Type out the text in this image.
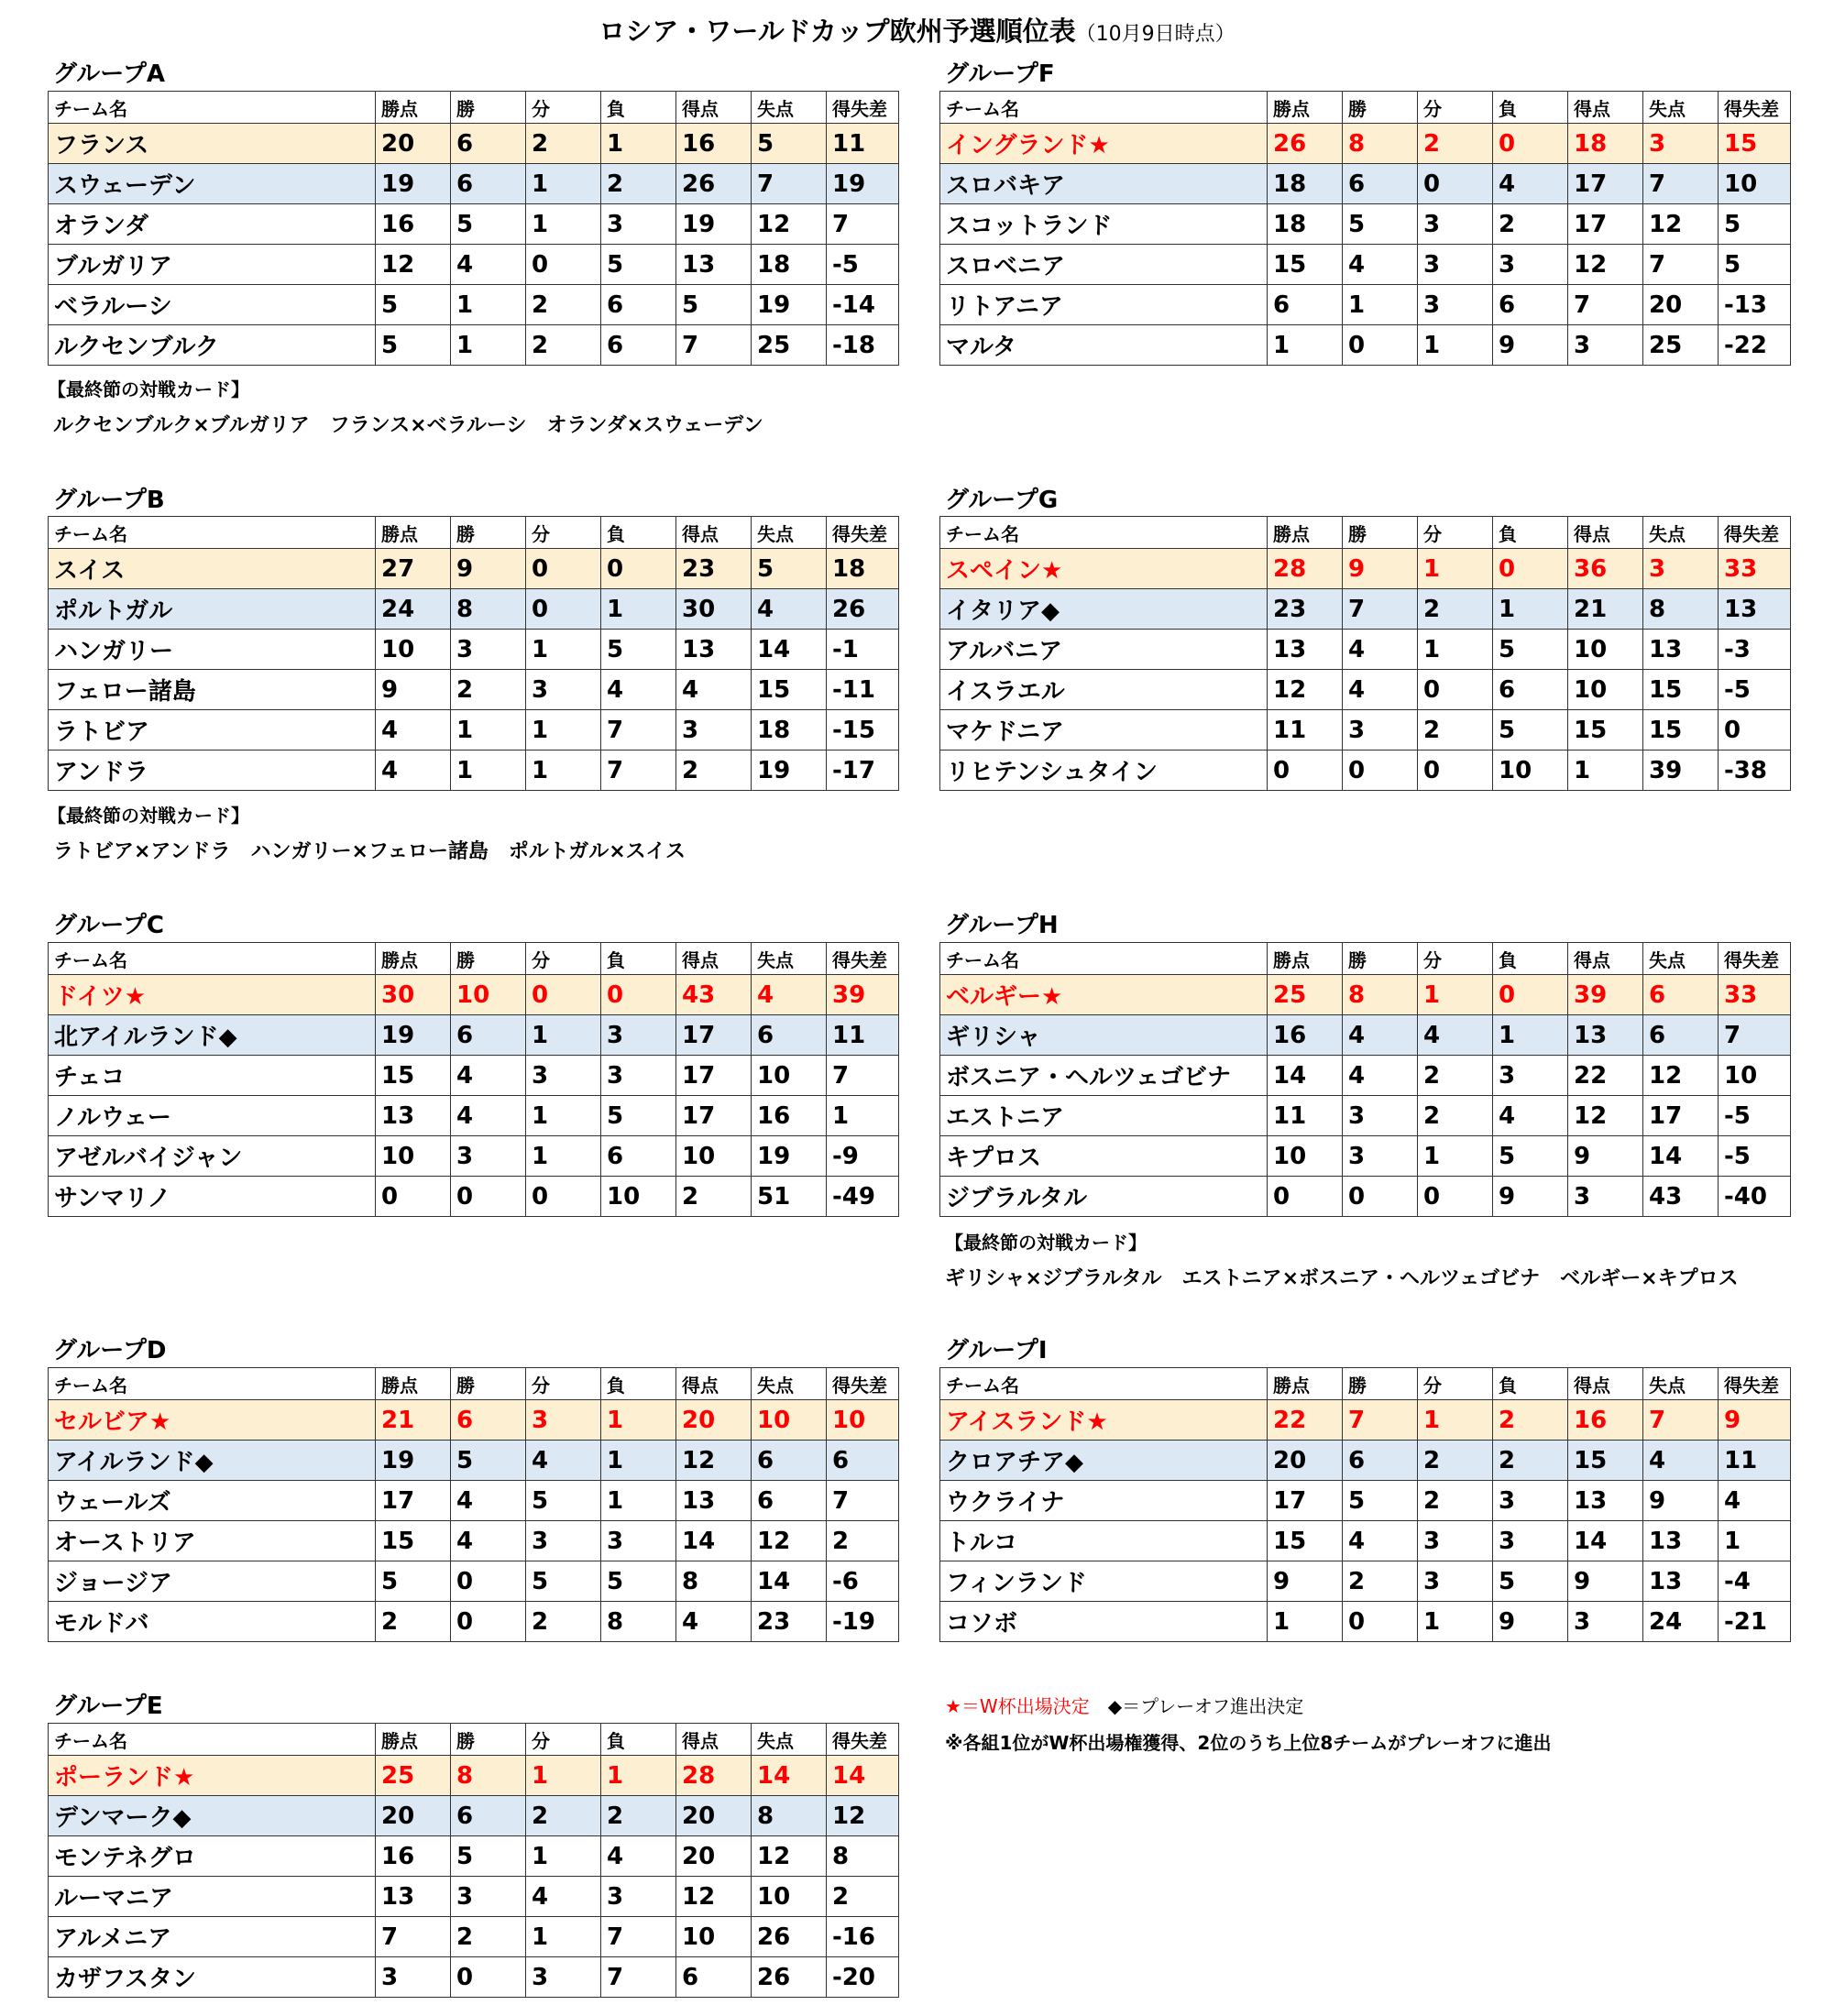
ロシア・ワールドカップ欧州予選順位表（10月9日時点）
グループA
チーム名	勝点	勝	分	負	得点	失点	得失差
フランス	20	6	2	1	16	5	11
スウェーデン	19	6	1	2	26	7	19
オランダ	16	5	1	3	19	12	7
ブルガリア	12	4	0	5	13	18	-5
ベラルーシ	5	1	2	6	5	19	-14
ルクセンブルク	5	1	2	6	7	25	-18
【最終節の対戦カード】
ルクセンブルク×ブルガリア　フランス×ベラルーシ　オランダ×スウェーデン
グループB
チーム名	勝点	勝	分	負	得点	失点	得失差
スイス	27	9	0	0	23	5	18
ポルトガル	24	8	0	1	30	4	26
ハンガリー	10	3	1	5	13	14	-1
フェロー諸島	9	2	3	4	4	15	-11
ラトビア	4	1	1	7	3	18	-15
アンドラ	4	1	1	7	2	19	-17
【最終節の対戦カード】
ラトビア×アンドラ　ハンガリー×フェロー諸島　ポルトガル×スイス
グループC
チーム名	勝点	勝	分	負	得点	失点	得失差
ドイツ★	30	10	0	0	43	4	39
北アイルランド◆	19	6	1	3	17	6	11
チェコ	15	4	3	3	17	10	7
ノルウェー	13	4	1	5	17	16	1
アゼルバイジャン	10	3	1	6	10	19	-9
サンマリノ	0	0	0	10	2	51	-49
グループD
チーム名	勝点	勝	分	負	得点	失点	得失差
セルビア★	21	6	3	1	20	10	10
アイルランド◆	19	5	4	1	12	6	6
ウェールズ	17	4	5	1	13	6	7
オーストリア	15	4	3	3	14	12	2
ジョージア	5	0	5	5	8	14	-6
モルドバ	2	0	2	8	4	23	-19
グループE
チーム名	勝点	勝	分	負	得点	失点	得失差
ポーランド★	25	8	1	1	28	14	14
デンマーク◆	20	6	2	2	20	8	12
モンテネグロ	16	5	1	4	20	12	8
ルーマニア	13	3	4	3	12	10	2
アルメニア	7	2	1	7	10	26	-16
カザフスタン	3	0	3	7	6	26	-20
グループF
チーム名	勝点	勝	分	負	得点	失点	得失差
イングランド★	26	8	2	0	18	3	15
スロバキア	18	6	0	4	17	7	10
スコットランド	18	5	3	2	17	12	5
スロベニア	15	4	3	3	12	7	5
リトアニア	6	1	3	6	7	20	-13
マルタ	1	0	1	9	3	25	-22
グループG
チーム名	勝点	勝	分	負	得点	失点	得失差
スペイン★	28	9	1	0	36	3	33
イタリア◆	23	7	2	1	21	8	13
アルバニア	13	4	1	5	10	13	-3
イスラエル	12	4	0	6	10	15	-5
マケドニア	11	3	2	5	15	15	0
リヒテンシュタイン	0	0	0	10	1	39	-38
グループH
チーム名	勝点	勝	分	負	得点	失点	得失差
ベルギー★	25	8	1	0	39	6	33
ギリシャ	16	4	4	1	13	6	7
ボスニア・ヘルツェゴビナ	14	4	2	3	22	12	10
エストニア	11	3	2	4	12	17	-5
キプロス	10	3	1	5	9	14	-5
ジブラルタル	0	0	0	9	3	43	-40
【最終節の対戦カード】
ギリシャ×ジブラルタル　エストニア×ボスニア・ヘルツェゴビナ　ベルギー×キプロス
グループI
チーム名	勝点	勝	分	負	得点	失点	得失差
アイスランド★	22	7	1	2	16	7	9
クロアチア◆	20	6	2	2	15	4	11
ウクライナ	17	5	2	3	13	9	4
トルコ	15	4	3	3	14	13	1
フィンランド	9	2	3	5	9	13	-4
コソボ	1	0	1	9	3	24	-21
★＝W杯出場決定　 ◆＝プレーオフ進出決定
※各組1位がW杯出場権獲得、2位のうち上位8チームがプレーオフに進出
